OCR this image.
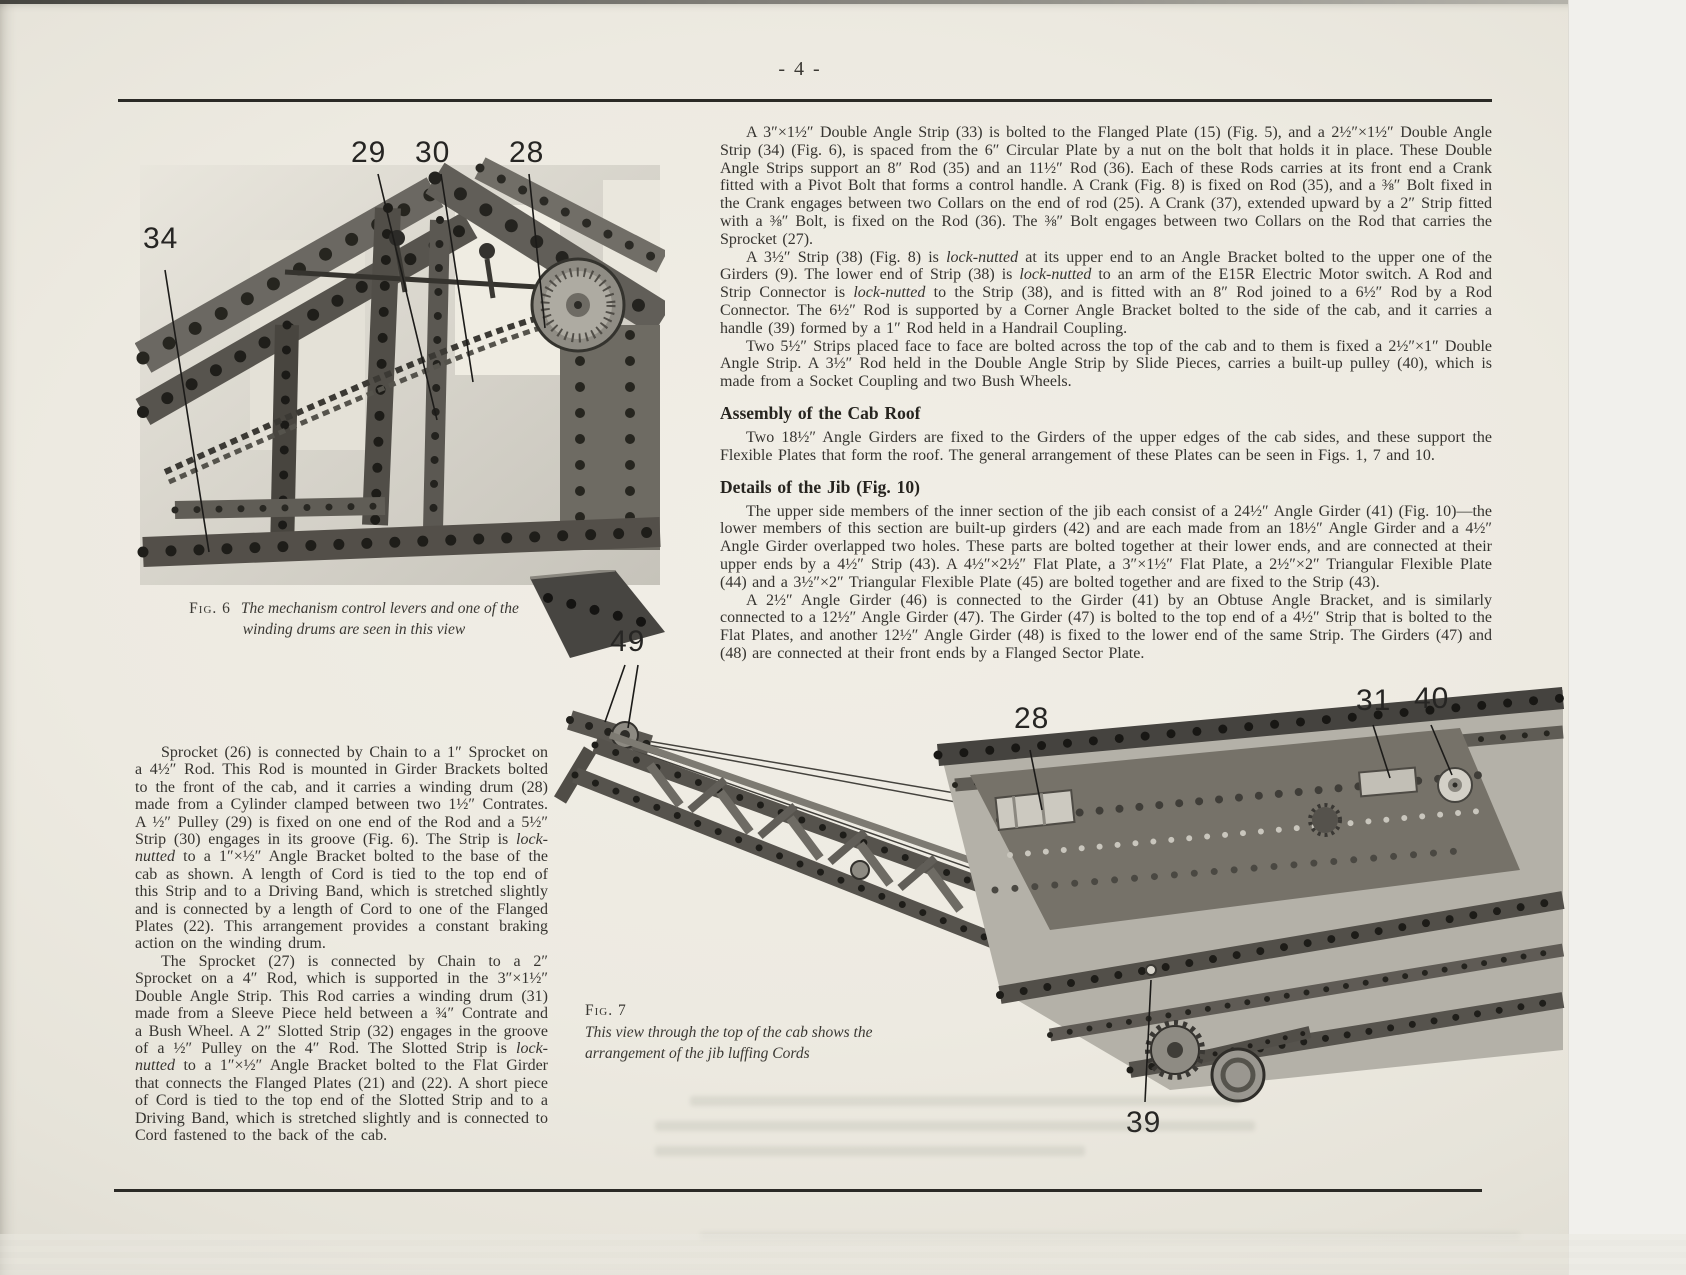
- 4 -
34
29 30 28
Fig. 6 The mechanism control levers and one of the winding drums are seen in this view

Sprocket (26) is connected by Chain to a 1″ Sprocket on a 4½″ Rod. This Rod is mounted in Girder Brackets bolted to the front of the cab, and it carries a winding drum (28) made from a Cylinder clamped between two 1½″ Contrates. A ½″ Pulley (29) is fixed on one end of the Rod and a 5½″ Strip (30) engages in its groove (Fig. 6). The Strip is lock-nutted to a 1″×½″ Angle Bracket bolted to the base of the cab as shown. A length of Cord is tied to the top end of this Strip and to a Driving Band, which is stretched slightly and is connected by a length of Cord to one of the Flanged Plates (22). This arrangement provides a constant braking action on the winding drum.

The Sprocket (27) is connected by Chain to a 2″ Sprocket on a 4″ Rod, which is supported in the 3″×1½″ Double Angle Strip. This Rod carries a winding drum (31) made from a Sleeve Piece held between a ¾″ Contrate and a Bush Wheel. A 2″ Slotted Strip (32) engages in the groove of a ½″ Pulley on the 4″ Rod. The Slotted Strip is lock-nutted to a 1″×½″ Angle Bracket bolted to the Flat Girder that connects the Flanged Plates (21) and (22). A short piece of Cord is tied to the top end of the Slotted Strip and to a Driving Band, which is stretched slightly and is connected to Cord fastened to the back of the cab.

A 3″×1½″ Double Angle Strip (33) is bolted to the Flanged Plate (15) (Fig. 5), and a 2½″×1½″ Double Angle Strip (34) (Fig. 6), is spaced from the 6″ Circular Plate by a nut on the bolt that holds it in place. These Double Angle Strips support an 8″ Rod (35) and an 11½″ Rod (36). Each of these Rods carries at its front end a Crank fitted with a Pivot Bolt that forms a control handle. A Crank (Fig. 8) is fixed on Rod (35), and a ⅜″ Bolt fixed in the Crank engages between two Collars on the end of rod (25). A Crank (37), extended upward by a 2″ Strip fitted with a ⅜″ Bolt, is fixed on the Rod (36). The ⅜″ Bolt engages between two Collars on the Rod that carries the Sprocket (27).

A 3½″ Strip (38) (Fig. 8) is lock-nutted at its upper end to an Angle Bracket bolted to the upper one of the Girders (9). The lower end of Strip (38) is lock-nutted to an arm of the E15R Electric Motor switch. A Rod and Strip Connector is lock-nutted to the Strip (38), and is fitted with an 8″ Rod joined to a 6½″ Rod by a Rod Connector. The 6½″ Rod is supported by a Corner Angle Bracket bolted to the side of the cab, and it carries a handle (39) formed by a 1″ Rod held in a Handrail Coupling.

Two 5½″ Strips placed face to face are bolted across the top of the cab and to them is fixed a 2½″×1″ Double Angle Strip. A 3½″ Rod held in the Double Angle Strip by Slide Pieces, carries a built-up pulley (40), which is made from a Socket Coupling and two Bush Wheels.

Assembly of the Cab Roof

Two 18½″ Angle Girders are fixed to the Girders of the upper edges of the cab sides, and these support the Flexible Plates that form the roof. The general arrangement of these Plates can be seen in Figs. 1, 7 and 10.

Details of the Jib (Fig. 10)

The upper side members of the inner section of the jib each consist of a 24½″ Angle Girder (41) (Fig. 10)—the lower members of this section are built-up girders (42) and are each made from an 18½″ Angle Girder and a 4½″ Angle Girder overlapped two holes. These parts are bolted together at their lower ends, and are connected at their upper ends by a 4½″ Strip (43). A 4½″×2½″ Flat Plate, a 3″×1½″ Flat Plate, a 2½″×2″ Triangular Flexible Plate (44) and a 3½″×2″ Triangular Flexible Plate (45) are bolted together and are fixed to the Strip (43).

A 2½″ Angle Girder (46) is connected to the Girder (41) by an Obtuse Angle Bracket, and is similarly connected to a 12½″ Angle Girder (47). The Girder (47) is bolted to the top end of a 4½″ Strip that is bolted to the Flat Plates, and another 12½″ Angle Girder (48) is fixed to the lower end of the same Strip. The Girders (47) and (48) are connected at their front ends by a Flanged Sector Plate.

49
28
31 40
39
Fig. 7
This view through the top of the cab shows the arrangement of the jib luffing Cords
